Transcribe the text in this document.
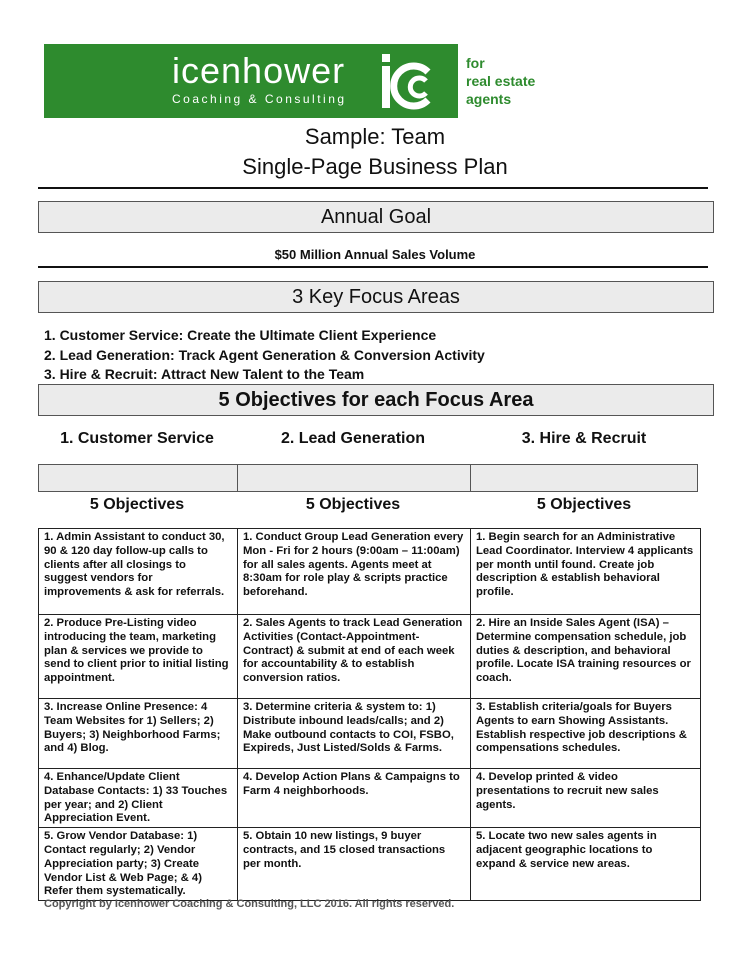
icenhower
Coaching & Consulting
for
real estate
agents
Sample: Team
Single-Page Business Plan
Annual Goal
$50 Million Annual Sales Volume
3 Key Focus Areas
1. Customer Service: Create the Ultimate Client Experience
2. Lead Generation: Track Agent Generation & Conversion Activity
3. Hire & Recruit: Attract New Talent to the Team
5 Objectives for each Focus Area
1. Customer Service	2. Lead Generation	3. Hire & Recruit
5 Objectives	5 Objectives	5 Objectives
1. Admin Assistant to conduct 30, 90 & 120 day follow-up calls to clients after all closings to suggest vendors for improvements & ask for referrals.	1. Conduct Group Lead Generation every Mon - Fri for 2 hours (9:00am – 11:00am) for all sales agents. Agents meet at 8:30am for role play & scripts practice beforehand.	1. Begin search for an Administrative Lead Coordinator. Interview 4 applicants per month until found. Create job description & establish behavioral profile.
2. Produce Pre-Listing video introducing the team, marketing plan & services we provide to send to client prior to initial listing appointment.	2. Sales Agents to track Lead Generation Activities (Contact-Appointment-Contract) & submit at end of each week for accountability & to establish conversion ratios.	2. Hire an Inside Sales Agent (ISA) – Determine compensation schedule, job duties & description, and behavioral profile. Locate ISA training resources or coach.
3. Increase Online Presence: 4 Team Websites for 1) Sellers; 2) Buyers; 3) Neighborhood Farms; and 4) Blog.	3. Determine criteria & system to: 1) Distribute inbound leads/calls; and 2) Make outbound contacts to COI, FSBO, Expireds, Just Listed/Solds & Farms.	3. Establish criteria/goals for Buyers Agents to earn Showing Assistants. Establish respective job descriptions & compensations schedules.
4. Enhance/Update Client Database Contacts: 1) 33 Touches per year; and 2) Client Appreciation Event.	4. Develop Action Plans & Campaigns to Farm 4 neighborhoods.	4. Develop printed & video presentations to recruit new sales agents.
5. Grow Vendor Database: 1) Contact regularly; 2) Vendor Appreciation party; 3) Create Vendor List & Web Page; & 4) Refer them systematically.	5. Obtain 10 new listings, 9 buyer contracts, and 15 closed transactions per month.	5. Locate two new sales agents in adjacent geographic locations to expand & service new areas.
Copyright by Icenhower Coaching & Consulting, LLC 2016. All rights reserved.
